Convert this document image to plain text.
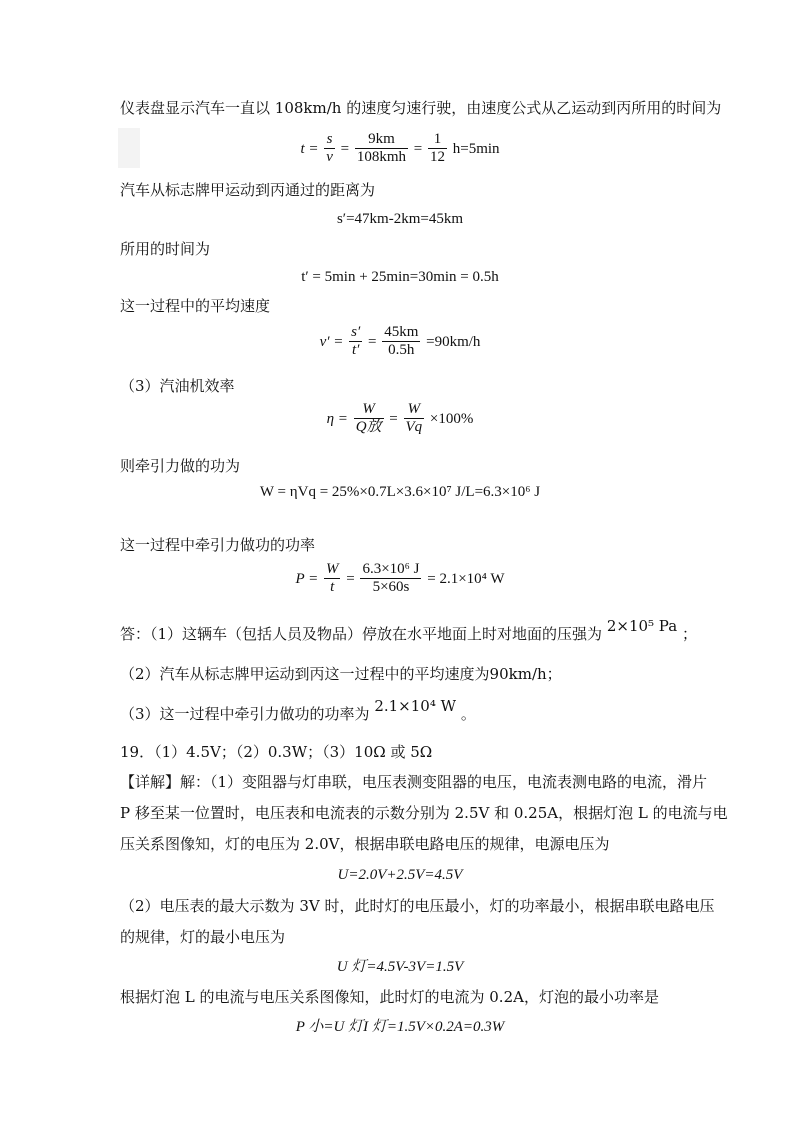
仪表盘显示汽车一直以 108km/h 的速度匀速行驶，由速度公式从乙运动到丙所用的时间为
$t = \frac{s}{v} = \frac{9km}{\text{108kmh}} = \frac{1}{12} h=5\min$
汽车从标志牌甲运动到丙通过的距离为
s′=47km-2km=45km
所用的时间为
t′ = 5min + 25min=30min = 0.5h
这一过程中的平均速度
$v' = \frac{s'}{t'} = \frac{45km}{0.5h} =90km/h$
（3）汽油机效率
$\eta = \frac{W}{\text{Q放}} = \frac{W}{Vq} \times 100\%$
则牵引力做的功为
W = ηVq = 25%×0.7L×3.6×10⁷ J/L=6.3×10⁶ J
这一过程中牵引力做功的功率
$P = \frac{W}{t} = \frac{\text{6.3×10⁶ J}}{5\times 60s} = 2.1\times 10^4$ W
答：（1）这辆车（包括人员及物品）停放在水平地面上时对地面的压强为 2×10⁵ Pa ；
（2）汽车从标志牌甲运动到丙这一过程中的平均速度为90km/h；
（3）这一过程中牵引力做功的功率为 2.1×10⁴ W 。
19．（1）4.5V；（2）0.3W；（3）10Ω 或 5Ω
【详解】解：（1）变阻器与灯串联，电压表测变阻器的电压，电流表测电路的电流，滑片
P 移至某一位置时，电压表和电流表的示数分别为 2.5V 和 0.25A，根据灯泡 L 的电流与电
压关系图像知，灯的电压为 2.0V，根据串联电路电压的规律，电源电压为
U=2.0V+2.5V=4.5V
（2）电压表的最大示数为 3V 时，此时灯的电压最小，灯的功率最小，根据串联电路电压
的规律，灯的最小电压为
U 灯=4.5V-3V=1.5V
根据灯泡 L 的电流与电压关系图像知，此时灯的电流为 0.2A，灯泡的最小功率是
P 小=U 灯I 灯=1.5V×0.2A=0.3W
